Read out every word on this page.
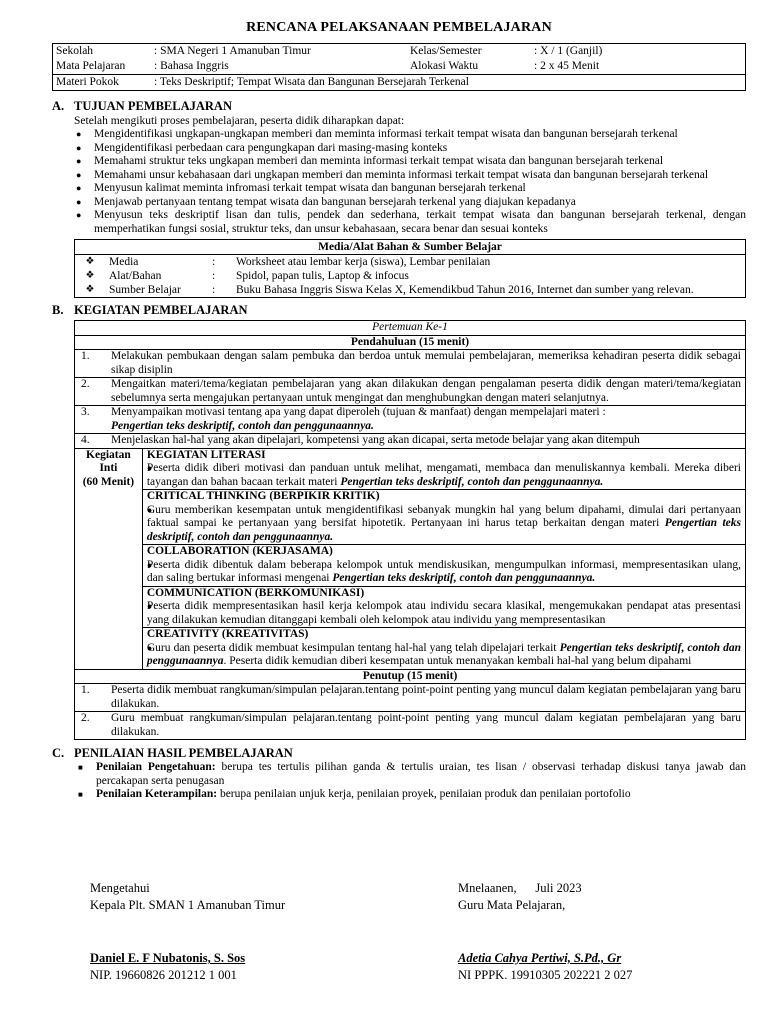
RENCANA PELAKSANAAN PEMBELAJARAN
Sekolah	: SMA Negeri 1 Amanuban Timur	Kelas/Semester	: X / 1 (Ganjil)
Mata Pelajaran	: Bahasa Inggris	Alokasi Waktu	: 2 x 45 Menit
Materi Pokok	: Teks Deskriptif; Tempat Wisata dan Bangunan Bersejarah Terkenal		
A. TUJUAN PEMBELAJARAN
Setelah mengikuti proses pembelajaran, peserta didik diharapkan dapat:
● Mengidentifikasi ungkapan-ungkapan memberi dan meminta informasi terkait tempat wisata dan bangunan bersejarah terkenal
● Mengidentifikasi perbedaan cara pengungkapan dari masing-masing konteks
● Memahami struktur teks ungkapan memberi dan meminta informasi terkait tempat wisata dan bangunan bersejarah terkenal
● Memahami unsur kebahasaan dari ungkapan memberi dan meminta informasi terkait tempat wisata dan bangunan bersejarah terkenal
● Menyusun kalimat meminta infromasi terkait tempat wisata dan bangunan bersejarah terkenal
● Menjawab pertanyaan tentang tempat wisata dan bangunan bersejarah terkenal yang diajukan kepadanya
● Menyusun teks deskriptif lisan dan tulis, pendek dan sederhana, terkait tempat wisata dan bangunan bersejarah terkenal, dengan memperhatikan fungsi sosial, struktur teks, dan unsur kebahasaan, secara benar dan sesuai konteks
Media/Alat Bahan & Sumber Belajar			
❖	Media	:	Worksheet atau lembar kerja (siswa), Lembar penilaian
❖	Alat/Bahan	:	Spidol, papan tulis, Laptop & infocus
❖	Sumber Belajar	:	Buku Bahasa Inggris Siswa Kelas X, Kemendikbud Tahun 2016, Internet dan sumber yang relevan.
B. KEGIATAN PEMBELAJARAN
Pertemuan Ke-1		
Pendahuluan (15 menit)		
1.	Melakukan pembukaan dengan salam pembuka dan berdoa untuk memulai pembelajaran, memeriksa kehadiran peserta didik sebagai sikap disiplin	
2.	Mengaitkan materi/tema/kegiatan pembelajaran yang akan dilakukan dengan pengalaman peserta didik dengan materi/tema/kegiatan sebelumnya serta mengajukan pertanyaan untuk mengingat dan menghubungkan dengan materi selanjutnya.	
3.	Menyampaikan motivasi tentang apa yang dapat diperoleh (tujuan & manfaat) dengan mempelajari materi :
Pengertian teks deskriptif, contoh dan penggunaannya.	
4.	Menjelaskan hal-hal yang akan dipelajari, kompetensi yang akan dicapai, serta metode belajar yang akan ditempuh	
Kegiatan
Inti
(60 Menit)		KEGIATAN LITERASI
		● Peserta didik diberi motivasi dan panduan untuk melihat, mengamati, membaca dan menuliskannya kembali. Mereka diberi tayangan dan bahan bacaan terkait materi Pengertian teks deskriptif, contoh dan penggunaannya.
		CRITICAL THINKING (BERPIKIR KRITIK)
		● Guru memberikan kesempatan untuk mengidentifikasi sebanyak mungkin hal yang belum dipahami, dimulai dari pertanyaan faktual sampai ke pertanyaan yang bersifat hipotetik. Pertanyaan ini harus tetap berkaitan dengan materi Pengertian teks deskriptif, contoh dan penggunaannya.
		COLLABORATION (KERJASAMA)
		● Peserta didik dibentuk dalam beberapa kelompok untuk mendiskusikan, mengumpulkan informasi, mempresentasikan ulang, dan saling bertukar informasi mengenai Pengertian teks deskriptif, contoh dan penggunaannya.
		COMMUNICATION (BERKOMUNIKASI)
		● Peserta didik mempresentasikan hasil kerja kelompok atau individu secara klasikal, mengemukakan pendapat atas presentasi yang dilakukan kemudian ditanggapi kembali oleh kelompok atau individu yang mempresentasikan
		CREATIVITY (KREATIVITAS)
		● Guru dan peserta didik membuat kesimpulan tentang hal-hal yang telah dipelajari terkait Pengertian teks deskriptif, contoh dan penggunaannya. Peserta didik kemudian diberi kesempatan untuk menanyakan kembali hal-hal yang belum dipahami
Penutup (15 menit)		
1.	Peserta didik membuat rangkuman/simpulan pelajaran.tentang point-point penting yang muncul dalam kegiatan pembelajaran yang baru dilakukan.	
2.	Guru membuat rangkuman/simpulan pelajaran.tentang point-point penting yang muncul dalam kegiatan pembelajaran yang baru dilakukan.	
C. PENILAIAN HASIL PEMBELAJARAN
■ Penilaian Pengetahuan: berupa tes tertulis pilihan ganda & tertulis uraian, tes lisan / observasi terhadap diskusi tanya jawab dan percakapan serta penugasan
■ Penilaian Keterampilan: berupa penilaian unjuk kerja, penilaian proyek, penilaian produk dan penilaian portofolio
Mengetahui
Kepala Plt. SMAN 1 Amanuban Timur
Daniel E. F Nubatonis, S. Sos
NIP. 19660826 201212 1 001
Mnelaanen,      Juli 2023
Guru Mata Pelajaran,
Adetia Cahya Pertiwi, S.Pd., Gr
NI PPPK. 19910305 202221 2 027
